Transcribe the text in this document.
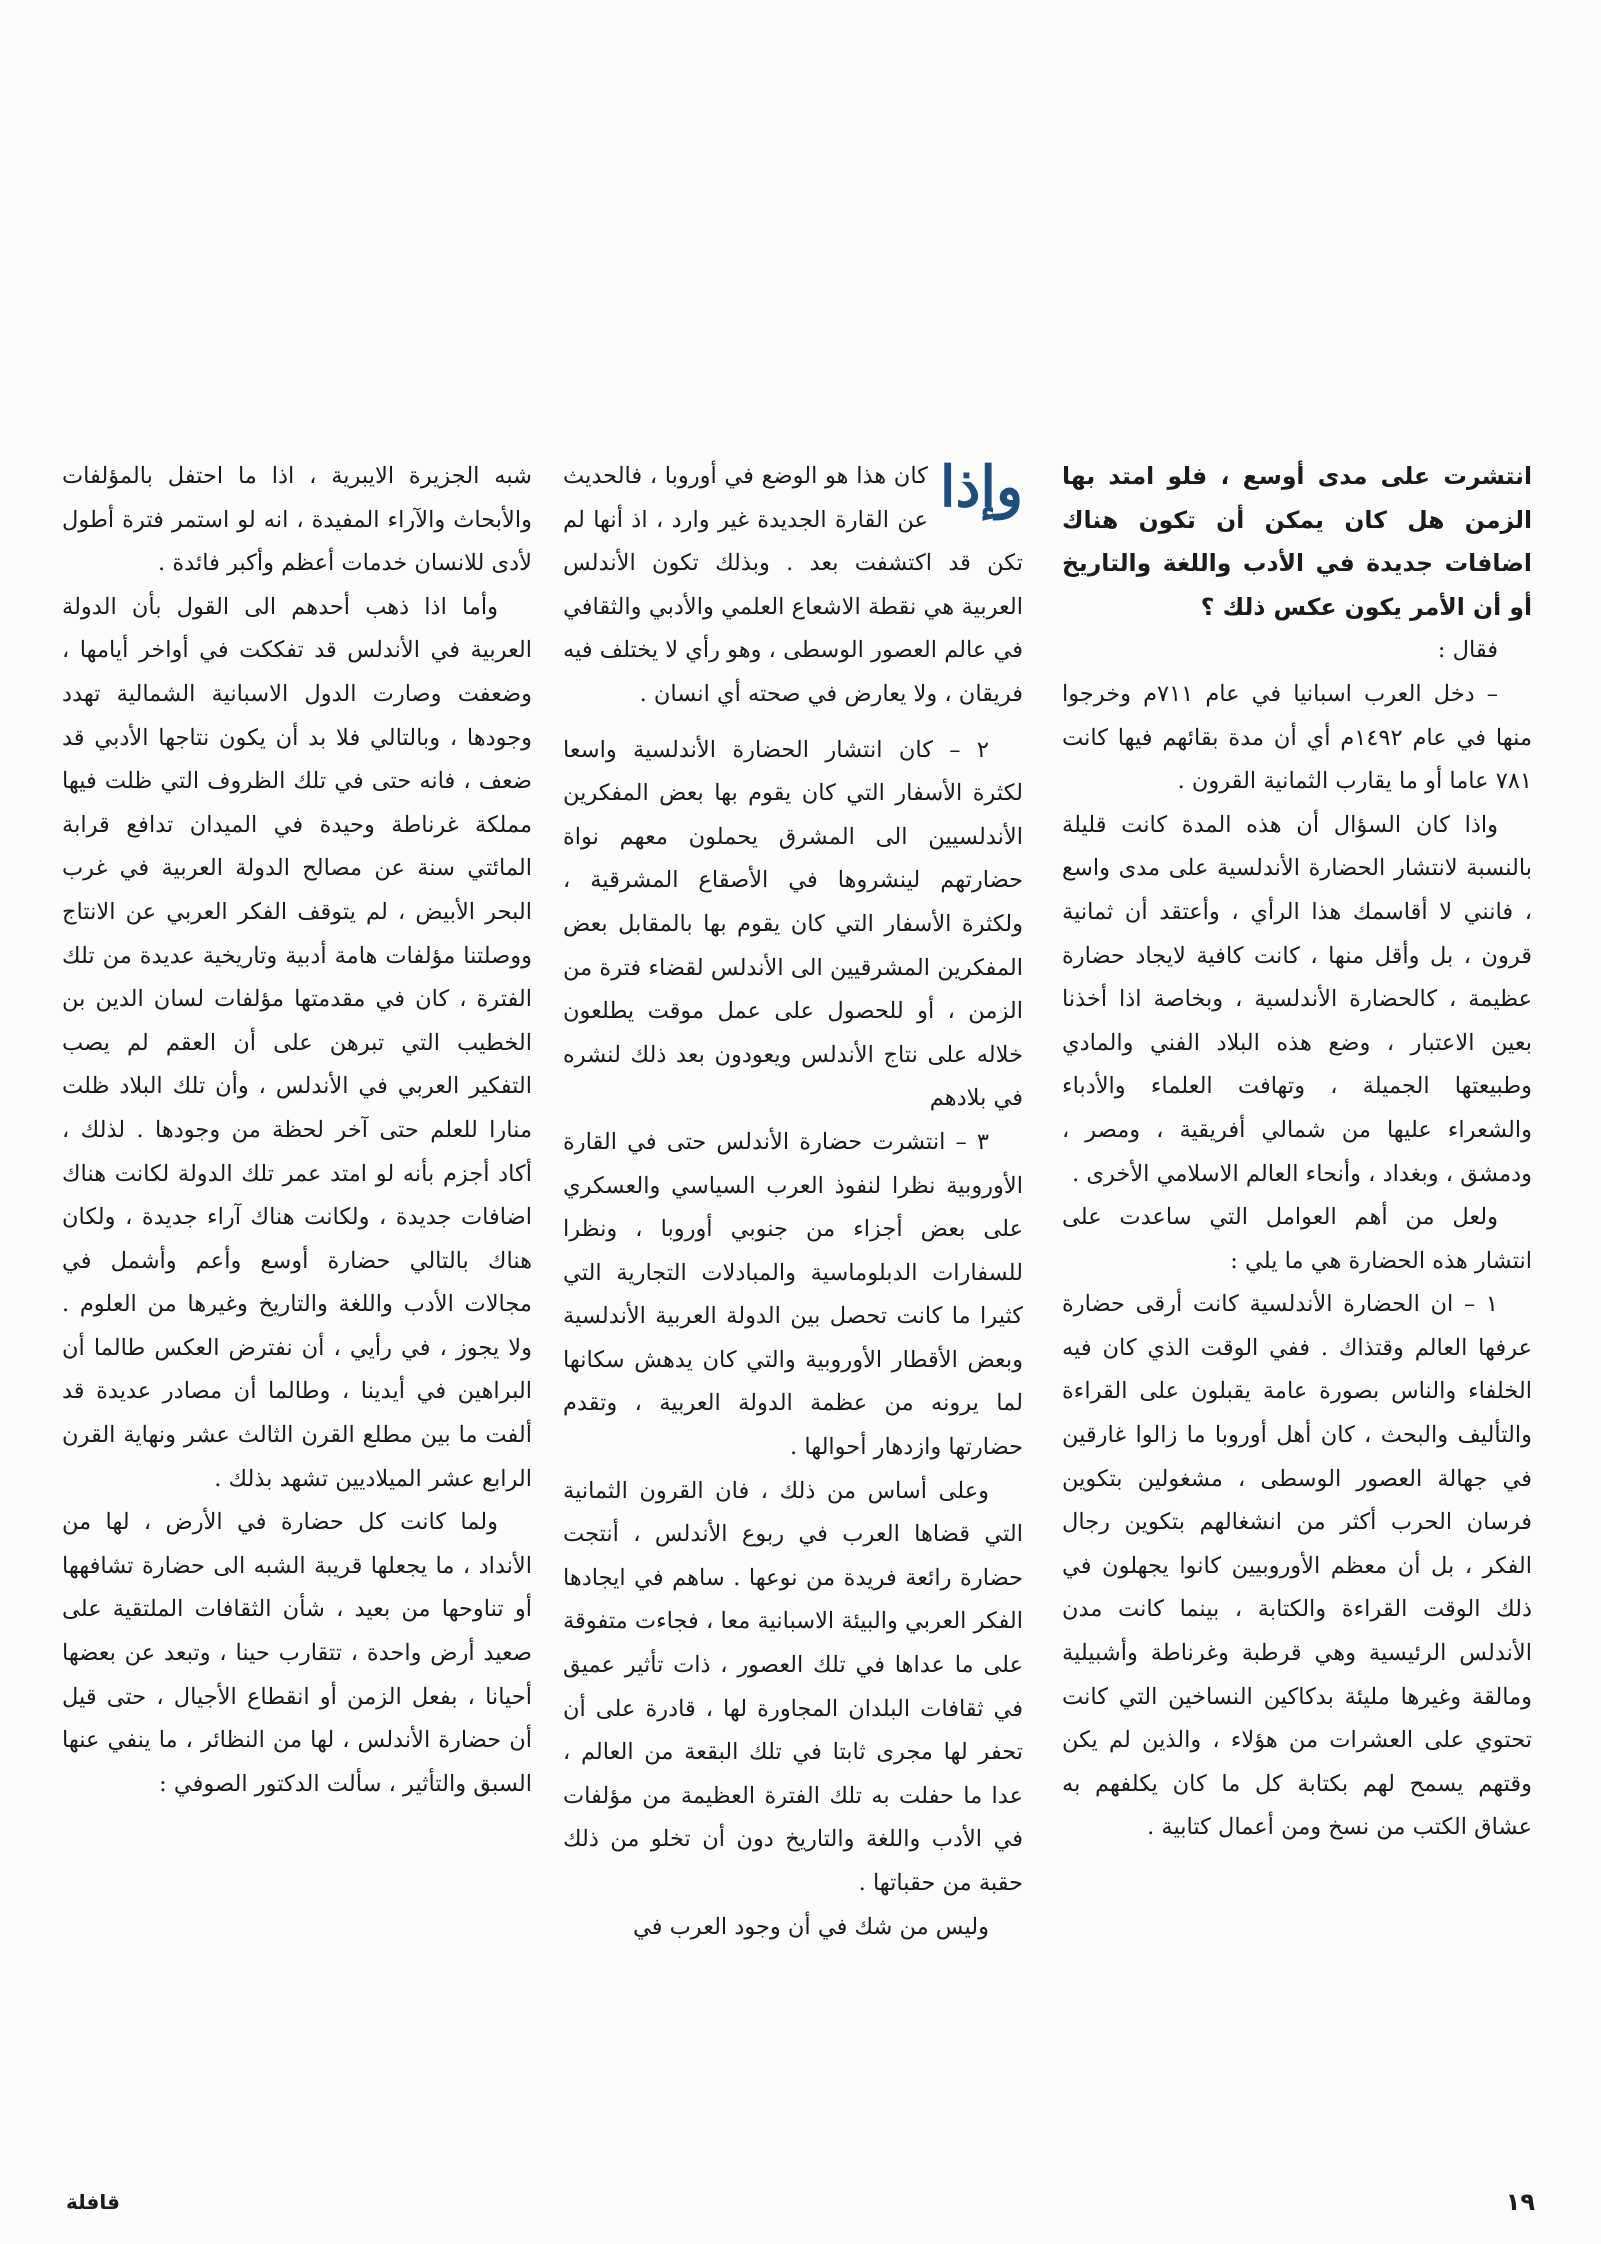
انتشرت على مدى أوسع ، فلو امتد بها الزمن هل كان يمكن أن تكون هناك اضافات جديدة في الأدب واللغة والتاريخ أو أن الأمر يكون عكس ذلك ؟

فقال :

– دخل العرب اسبانيا في عام ٧١١م وخرجوا منها في عام ١٤٩٢م أي أن مدة بقائهم فيها كانت ٧٨١ عاما أو ما يقارب الثمانية القرون .

واذا كان السؤال أن هذه المدة كانت قليلة بالنسبة لانتشار الحضارة الأندلسية على مدى واسع ، فانني لا أقاسمك هذا الرأي ، وأعتقد أن ثمانية قرون ، بل وأقل منها ، كانت كافية لايجاد حضارة عظيمة ، كالحضارة الأندلسية ، وبخاصة اذا أخذنا بعين الاعتبار ، وضع هذه البلاد الفني والمادي وطبيعتها الجميلة ، وتهافت العلماء والأدباء والشعراء عليها من شمالي أفريقية ، ومصر ، ودمشق ، وبغداد ، وأنحاء العالم الاسلامي الأخرى .

ولعل من أهم العوامل التي ساعدت على انتشار هذه الحضارة هي ما يلي :

١ – ان الحضارة الأندلسية كانت أرقى حضارة عرفها العالم وقتذاك . ففي الوقت الذي كان فيه الخلفاء والناس بصورة عامة يقبلون على القراءة والتأليف والبحث ، كان أهل أوروبا ما زالوا غارقين في جهالة العصور الوسطى ، مشغولين بتكوين فرسان الحرب أكثر من انشغالهم بتكوين رجال الفكر ، بل أن معظم الأوروبيين كانوا يجهلون في ذلك الوقت القراءة والكتابة ، بينما كانت مدن الأندلس الرئيسية وهي قرطبة وغرناطة وأشبيلية ومالقة وغيرها مليئة بدكاكين النساخين التي كانت تحتوي على العشرات من هؤلاء ، والذين لم يكن وقتهم يسمح لهم بكتابة كل ما كان يكلفهم به عشاق الكتب من نسخ ومن أعمال كتابية .

وإذا
كان هذا هو الوضع في أوروبا ، فالحديث عن القارة الجديدة غير وارد ، اذ أنها لم تكن قد اكتشفت بعد . وبذلك تكون الأندلس العربية هي نقطة الاشعاع العلمي والأدبي والثقافي في عالم العصور الوسطى ، وهو رأي لا يختلف فيه فريقان ، ولا يعارض في صحته أي انسان .

٢ – كان انتشار الحضارة الأندلسية واسعا لكثرة الأسفار التي كان يقوم بها بعض المفكرين الأندلسيين الى المشرق يحملون معهم نواة حضارتهم لينشروها في الأصقاع المشرقية ، ولكثرة الأسفار التي كان يقوم بها بالمقابل بعض المفكرين المشرقيين الى الأندلس لقضاء فترة من الزمن ، أو للحصول على عمل موقت يطلعون خلاله على نتاج الأندلس ويعودون بعد ذلك لنشره في بلادهم

٣ – انتشرت حضارة الأندلس حتى في القارة الأوروبية نظرا لنفوذ العرب السياسي والعسكري على بعض أجزاء من جنوبي أوروبا ، ونظرا للسفارات الدبلوماسية والمبادلات التجارية التي كثيرا ما كانت تحصل بين الدولة العربية الأندلسية وبعض الأقطار الأوروبية والتي كان يدهش سكانها لما يرونه من عظمة الدولة العربية ، وتقدم حضارتها وازدهار أحوالها .

وعلى أساس من ذلك ، فان القرون الثمانية التي قضاها العرب في ربوع الأندلس ، أنتجت حضارة رائعة فريدة من نوعها . ساهم في ايجادها الفكر العربي والبيئة الاسبانية معا ، فجاءت متفوقة على ما عداها في تلك العصور ، ذات تأثير عميق في ثقافات البلدان المجاورة لها ، قادرة على أن تحفر لها مجرى ثابتا في تلك البقعة من العالم ، عدا ما حفلت به تلك الفترة العظيمة من مؤلفات في الأدب واللغة والتاريخ دون أن تخلو من ذلك حقبة من حقباتها .

وليس من شك في أن وجود العرب في

شبه الجزيرة الايبرية ، اذا ما احتفل بالمؤلفات والأبحاث والآراء المفيدة ، انه لو استمر فترة أطول لأدى للانسان خدمات أعظم وأكبر فائدة .

وأما اذا ذهب أحدهم الى القول بأن الدولة العربية في الأندلس قد تفككت في أواخر أيامها ، وضعفت وصارت الدول الاسبانية الشمالية تهدد وجودها ، وبالتالي فلا بد أن يكون نتاجها الأدبي قد ضعف ، فانه حتى في تلك الظروف التي ظلت فيها مملكة غرناطة وحيدة في الميدان تدافع قرابة المائتي سنة عن مصالح الدولة العربية في غرب البحر الأبيض ، لم يتوقف الفكر العربي عن الانتاج ووصلتنا مؤلفات هامة أدبية وتاريخية عديدة من تلك الفترة ، كان في مقدمتها مؤلفات لسان الدين بن الخطيب التي تبرهن على أن العقم لم يصب التفكير العربي في الأندلس ، وأن تلك البلاد ظلت منارا للعلم حتى آخر لحظة من وجودها . لذلك ، أكاد أجزم بأنه لو امتد عمر تلك الدولة لكانت هناك اضافات جديدة ، ولكانت هناك آراء جديدة ، ولكان هناك بالتالي حضارة أوسع وأعم وأشمل في مجالات الأدب واللغة والتاريخ وغيرها من العلوم . ولا يجوز ، في رأيي ، أن نفترض العكس طالما أن البراهين في أيدينا ، وطالما أن مصادر عديدة قد ألفت ما بين مطلع القرن الثالث عشر ونهاية القرن الرابع عشر الميلاديين تشهد بذلك .

ولما كانت كل حضارة في الأرض ، لها من الأنداد ، ما يجعلها قريبة الشبه الى حضارة تشافهها أو تناوحها من بعيد ، شأن الثقافات الملتقية على صعيد أرض واحدة ، تتقارب حينا ، وتبعد عن بعضها أحيانا ، بفعل الزمن أو انقطاع الأجيال ، حتى قيل أن حضارة الأندلس ، لها من النظائر ، ما ينفي عنها السبق والتأثير ، سألت الدكتور الصوفي :

١٩
قافلة
